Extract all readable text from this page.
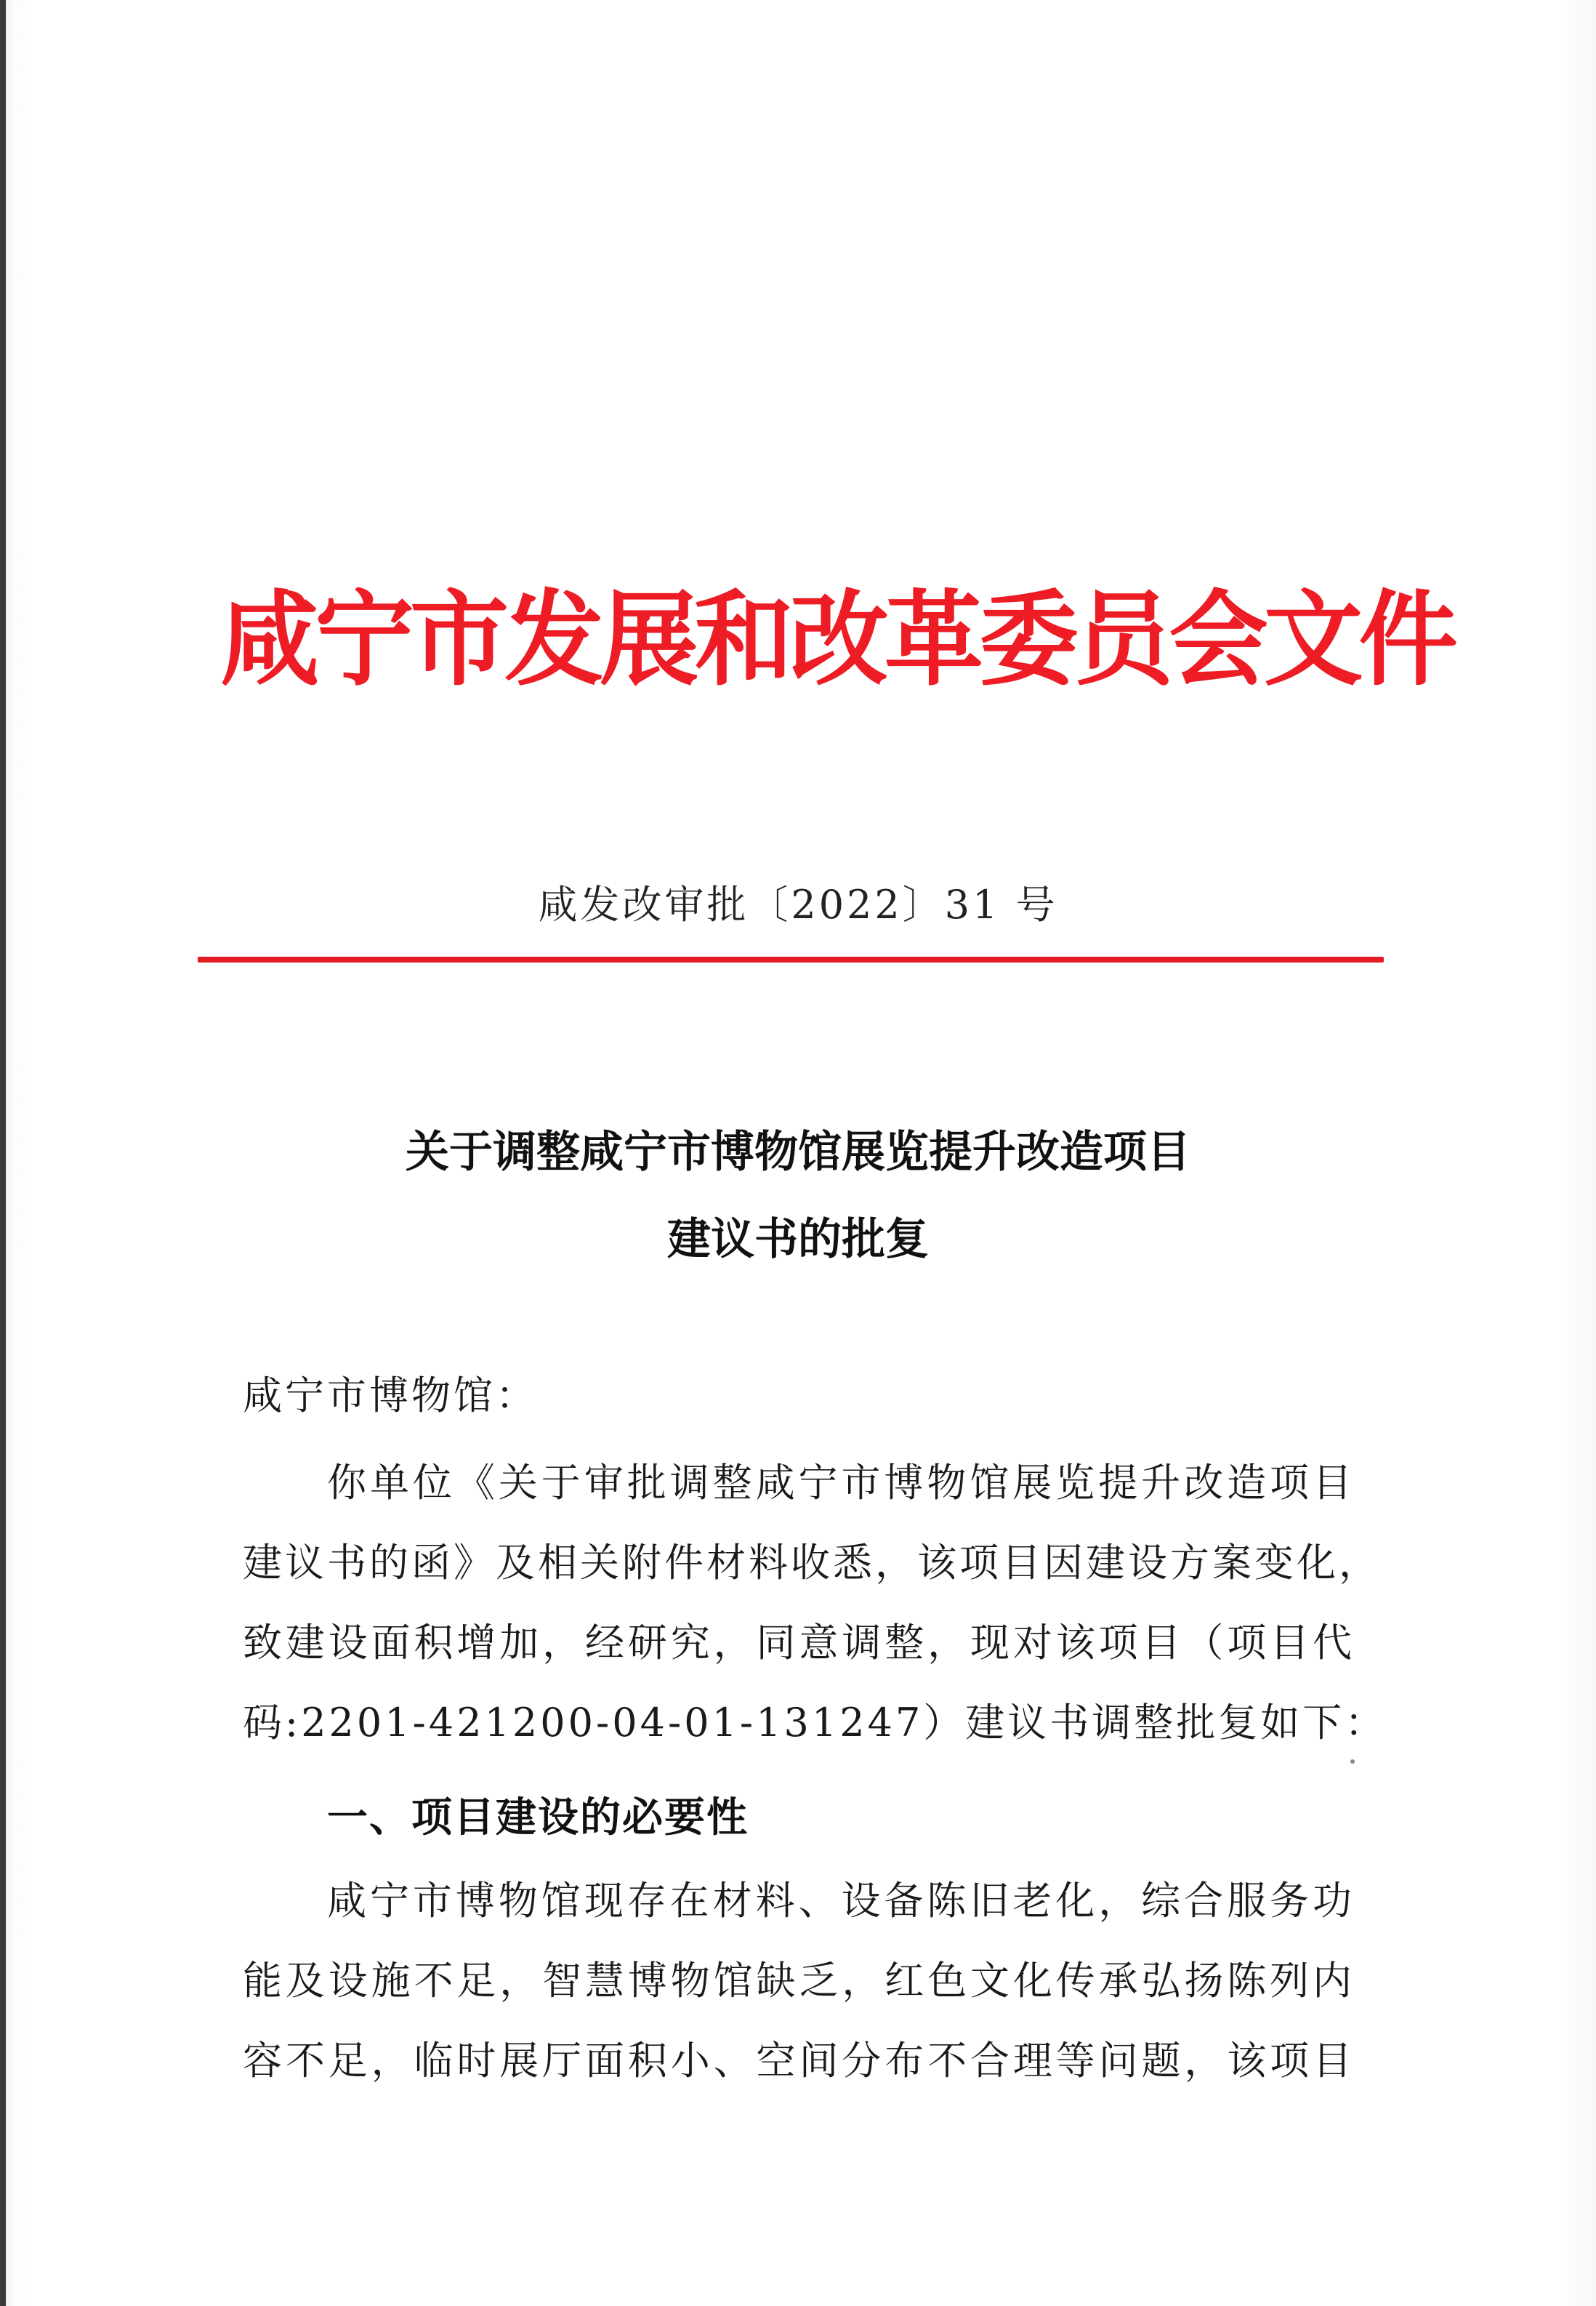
咸宁市发展和改革委员会文件
咸发改审批〔2022〕31 号
关于调整咸宁市博物馆展览提升改造项目
建议书的批复
咸宁市博物馆：
你单位《关于审批调整咸宁市博物馆展览提升改造项目
建议书的函》及相关附件材料收悉，该项目因建设方案变化，
致建设面积增加，经研究，同意调整，现对该项目（项目代
码:2201-421200-04-01-131247）建议书调整批复如下：
一、项目建设的必要性
咸宁市博物馆现存在材料、设备陈旧老化，综合服务功
能及设施不足，智慧博物馆缺乏，红色文化传承弘扬陈列内
容不足，临时展厅面积小、空间分布不合理等问题，该项目
